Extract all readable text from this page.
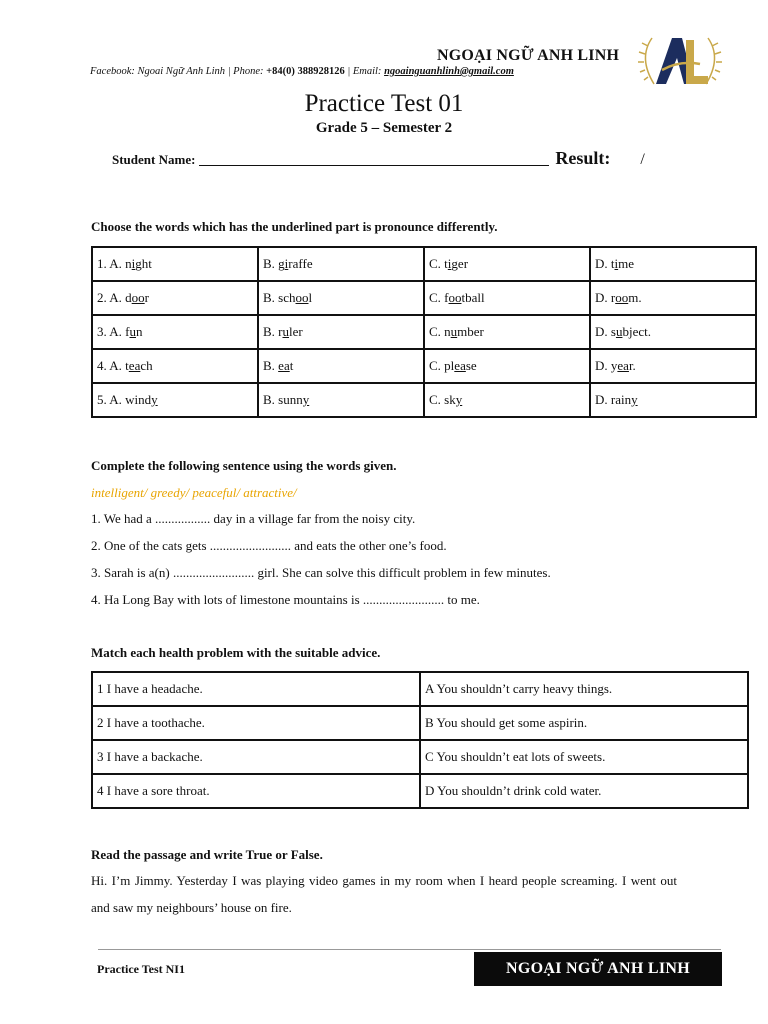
NGOẠI NGỮ ANH LINH
Facebook: Ngoai Ngữ Anh Linh | Phone: +84(0) 388928126 | Email: ngoainguanhlinh@gmail.com
Practice Test 01
Grade 5 – Semester 2
Student Name:	Result: /
Choose the words which has the underlined part is pronounce differently.
1. A. night	B. giraffe	C. tiger	D. time
2. A. door	B. school	C. football	D. room.
3. A. fun	B. ruler	C. number	D. subject.
4. A. teach	B. eat	C. please	D. year.
5. A. windy	B. sunny	C. sky	D. rainy
Complete the following sentence using the words given.
intelligent/ greedy/ peaceful/ attractive/
1. We had a ................. day in a village far from the noisy city.
2. One of the cats gets ......................... and eats the other one’s food.
3. Sarah is a(n) ......................... girl. She can solve this difficult problem in few minutes.
4. Ha Long Bay with lots of limestone mountains is ......................... to me.
Match each health problem with the suitable advice.
1 I have a headache.	A You shouldn’t carry heavy things.
2 I have a toothache.	B You should get some aspirin.
3 I have a backache.	C You shouldn’t eat lots of sweets.
4 I have a sore throat.	D You shouldn’t drink cold water.
Read the passage and write True or False.
Hi. I’m Jimmy. Yesterday I was playing video games in my room when I heard people screaming. I went out and saw my neighbours’ house on fire.
Practice Test NI1	NGOẠI NGỮ ANH LINH
